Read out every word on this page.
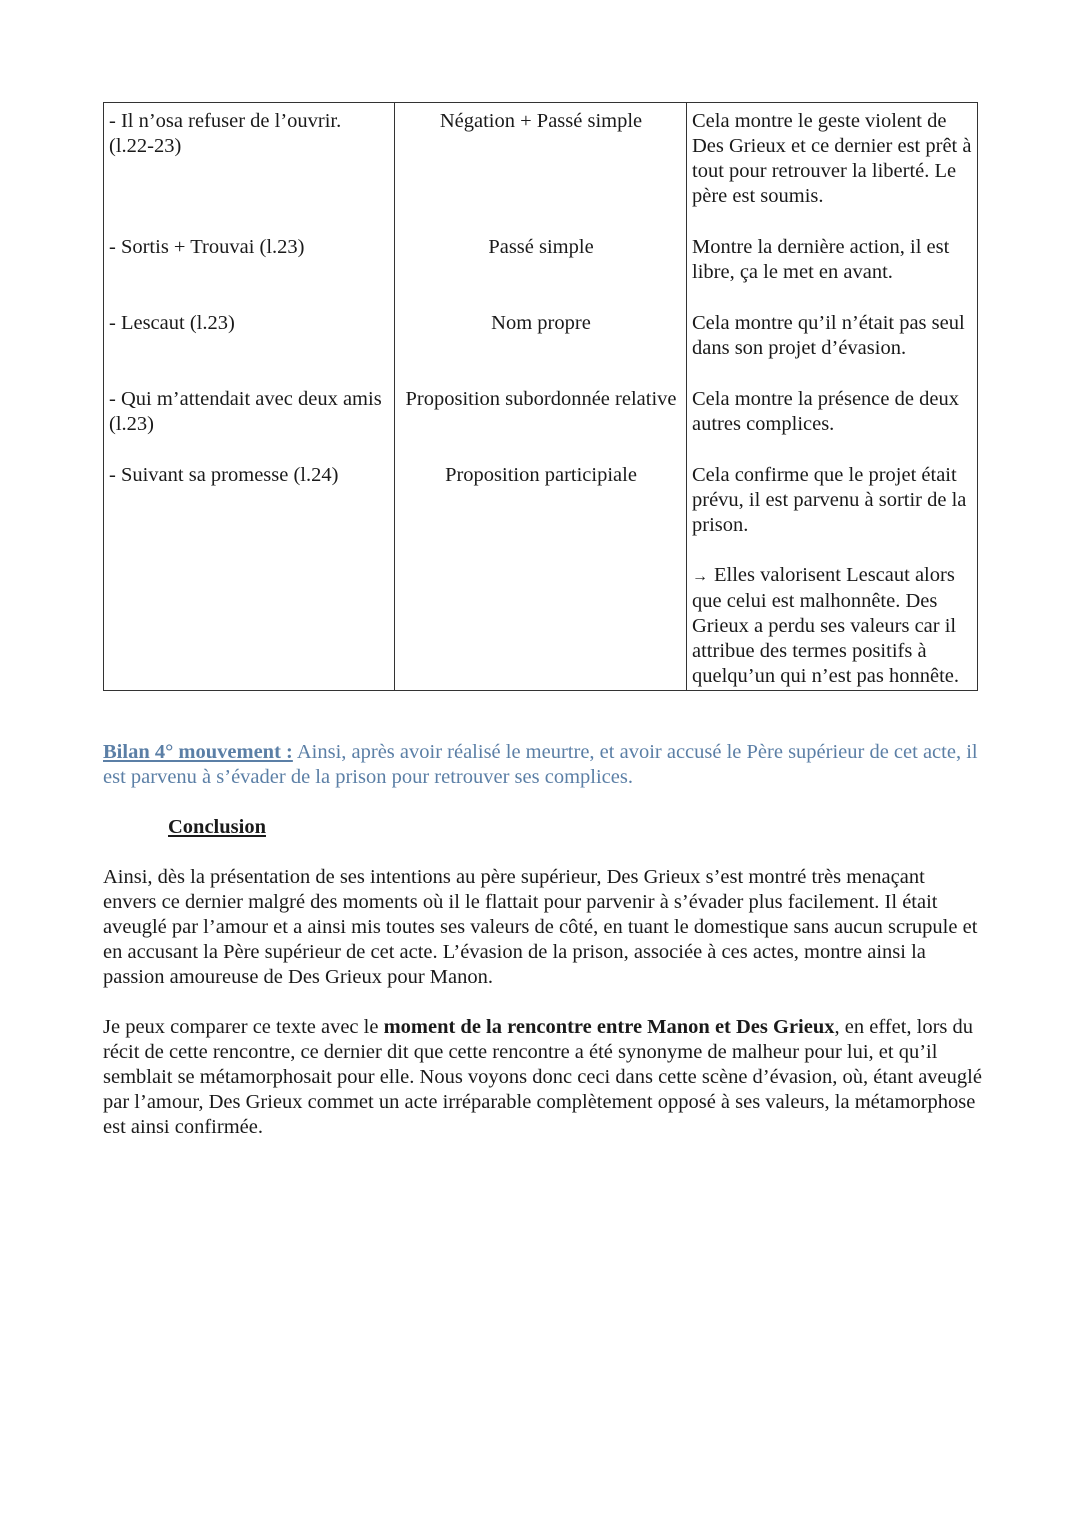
- Il n’osa refuser de l’ouvrir. (l.22-23)	Négation + Passé simple	Cela montre le geste violent de Des Grieux et ce dernier est prêt à tout pour retrouver la liberté. Le père est soumis.

- Sortis + Trouvai (l.23)	Passé simple	Montre la dernière action, il est libre, ça le met en avant.

- Lescaut (l.23)	Nom propre	Cela montre qu’il n’était pas seul dans son projet d’évasion.

- Qui m’attendait avec deux amis (l.23)	Proposition subordonnée relative	Cela montre la présence de deux autres complices.

- Suivant sa promesse (l.24)	Proposition participiale	Cela confirme que le projet était prévu, il est parvenu à sortir de la prison.

→ Elles valorisent Lescaut alors que celui est malhonnête. Des Grieux a perdu ses valeurs car il attribue des termes positifs à quelqu’un qui n’est pas honnête.

Bilan 4° mouvement : Ainsi, après avoir réalisé le meurtre, et avoir accusé le Père supérieur de cet acte, il est parvenu à s’évader de la prison pour retrouver ses complices.

Conclusion

Ainsi, dès la présentation de ses intentions au père supérieur, Des Grieux s’est montré très menaçant envers ce dernier malgré des moments où il le flattait pour parvenir à s’évader plus facilement. Il était aveuglé par l’amour et a ainsi mis toutes ses valeurs de côté, en tuant le domestique sans aucun scrupule et en accusant la Père supérieur de cet acte. L’évasion de la prison, associée à ces actes, montre ainsi la passion amoureuse de Des Grieux pour Manon.

Je peux comparer ce texte avec le moment de la rencontre entre Manon et Des Grieux, en effet, lors du récit de cette rencontre, ce dernier dit que cette rencontre a été synonyme de malheur pour lui, et qu’il semblait se métamorphosait pour elle. Nous voyons donc ceci dans cette scène d’évasion, où, étant aveuglé par l’amour, Des Grieux commet un acte irréparable complètement opposé à ses valeurs, la métamorphose est ainsi confirmée.
